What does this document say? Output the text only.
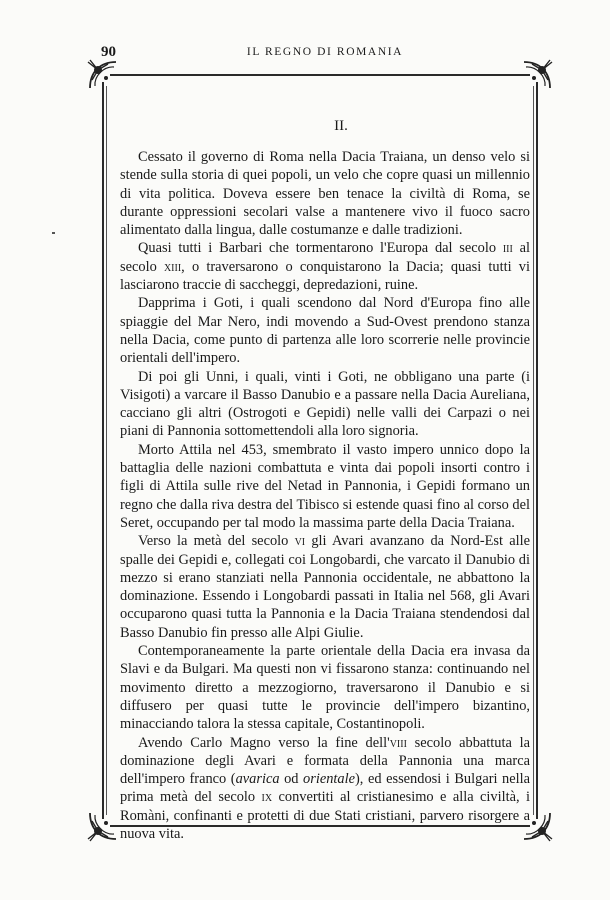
90	IL REGNO DI ROMANIA
II.

Cessato il governo di Roma nella Dacia Traiana, un denso velo si stende sulla storia di quei popoli, un velo che copre quasi un millennio di vita politica. Doveva essere ben tenace la civiltà di Roma, se durante oppressioni secolari valse a mantenere vivo il fuoco sacro alimentato dalla lingua, dalle costumanze e dalle tradizioni.

Quasi tutti i Barbari che tormentarono l'Europa dal secolo iii al secolo xiii, o traversarono o conquistarono la Dacia; quasi tutti vi lasciarono traccie di saccheggi, depredazioni, ruine.

Dapprima i Goti, i quali scendono dal Nord d'Europa fino alle spiaggie del Mar Nero, indi movendo a Sud-Ovest prendono stanza nella Dacia, come punto di partenza alle loro scorrerie nelle provincie orientali dell'impero.

Di poi gli Unni, i quali, vinti i Goti, ne obbligano una parte (i Visigoti) a varcare il Basso Danubio e a passare nella Dacia Aureliana, cacciano gli altri (Ostrogoti e Gepidi) nelle valli dei Carpazi o nei piani di Pannonia sottomettendoli alla loro signoria.

Morto Attila nel 453, smembrato il vasto impero unnico dopo la battaglia delle nazioni combattuta e vinta dai popoli insorti contro i figli di Attila sulle rive del Netad in Pannonia, i Gepidi formano un regno che dalla riva destra del Tibisco si estende quasi fino al corso del Seret, occupando per tal modo la massima parte della Dacia Traiana.

Verso la metà del secolo vi gli Avari avanzano da Nord-Est alle spalle dei Gepidi e, collegati coi Longobardi, che varcato il Danubio di mezzo si erano stanziati nella Pannonia occidentale, ne abbattono la dominazione. Essendo i Longobardi passati in Italia nel 568, gli Avari occuparono quasi tutta la Pannonia e la Dacia Traiana stendendosi dal Basso Danubio fin presso alle Alpi Giulie.

Contemporaneamente la parte orientale della Dacia era invasa da Slavi e da Bulgari. Ma questi non vi fissarono stanza: continuando nel movimento diretto a mezzogiorno, traversarono il Danubio e si diffusero per quasi tutte le provincie dell'impero bizantino, minacciando talora la stessa capitale, Costantinopoli.

Avendo Carlo Magno verso la fine dell'viii secolo abbattuta la dominazione degli Avari e formata della Pannonia una marca dell'impero franco (avarica od orientale), ed essendosi i Bulgari nella prima metà del secolo ix convertiti al cristianesimo e alla civiltà, i Romàni, confinanti e protetti di due Stati cristiani, parvero risorgere a nuova vita.
